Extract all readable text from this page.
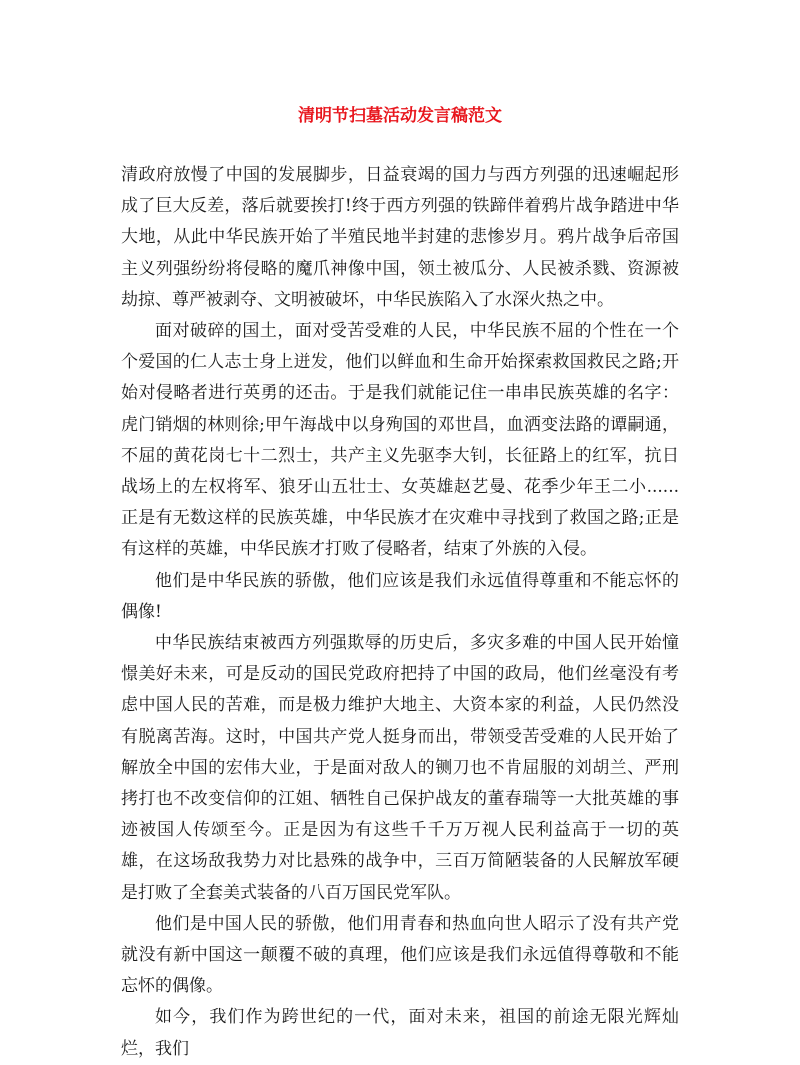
清明节扫墓活动发言稿范文

清政府放慢了中国的发展脚步，日益衰竭的国力与西方列强的迅速崛起形成了巨大反差，落后就要挨打!终于西方列强的铁蹄伴着鸦片战争踏进中华大地，从此中华民族开始了半殖民地半封建的悲惨岁月。鸦片战争后帝国主义列强纷纷将侵略的魔爪神像中国，领土被瓜分、人民被杀戮、资源被劫掠、尊严被剥夺、文明被破坏，中华民族陷入了水深火热之中。

面对破碎的国土，面对受苦受难的人民，中华民族不屈的个性在一个个爱国的仁人志士身上迸发，他们以鲜血和生命开始探索救国救民之路;开始对侵略者进行英勇的还击。于是我们就能记住一串串民族英雄的名字：虎门销烟的林则徐;甲午海战中以身殉国的邓世昌，血洒变法路的谭嗣通，不屈的黄花岗七十二烈士，共产主义先驱李大钊，长征路上的红军，抗日战场上的左权将军、狼牙山五壮士、女英雄赵艺曼、花季少年王二小......正是有无数这样的民族英雄，中华民族才在灾难中寻找到了救国之路;正是有这样的英雄，中华民族才打败了侵略者，结束了外族的入侵。

他们是中华民族的骄傲，他们应该是我们永远值得尊重和不能忘怀的偶像!

中华民族结束被西方列强欺辱的历史后，多灾多难的中国人民开始憧憬美好未来，可是反动的国民党政府把持了中国的政局，他们丝毫没有考虑中国人民的苦难，而是极力维护大地主、大资本家的利益，人民仍然没有脱离苦海。这时，中国共产党人挺身而出，带领受苦受难的人民开始了解放全中国的宏伟大业，于是面对敌人的铡刀也不肯屈服的刘胡兰、严刑拷打也不改变信仰的江姐、牺牲自己保护战友的董春瑞等一大批英雄的事迹被国人传颂至今。正是因为有这些千千万万视人民利益高于一切的英雄，在这场敌我势力对比悬殊的战争中，三百万简陋装备的人民解放军硬是打败了全套美式装备的八百万国民党军队。

他们是中国人民的骄傲，他们用青春和热血向世人昭示了没有共产党就没有新中国这一颠覆不破的真理，他们应该是我们永远值得尊敬和不能忘怀的偶像。

如今，我们作为跨世纪的一代，面对未来，祖国的前途无限光辉灿烂，我们
